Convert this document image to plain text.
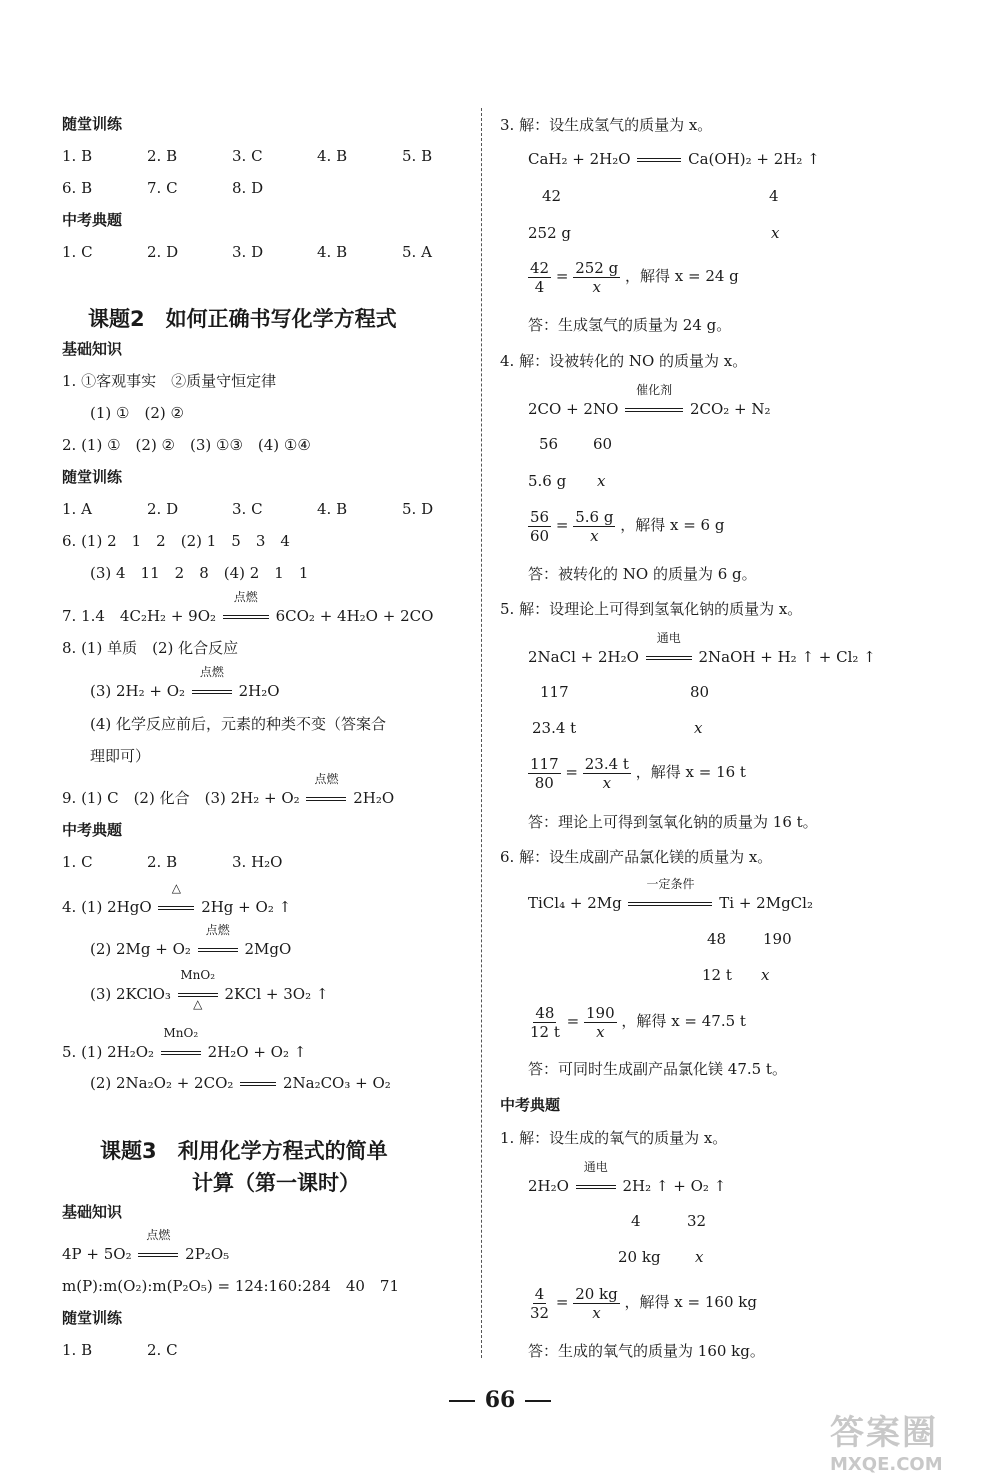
随堂训练
1. B	2. B	3. C	4. B	5. B
6. B	7. C	8. D
中考典题
1. C	2. D	3. D	4. B	5. A
课题2　如何正确书写化学方程式
基础知识
1. ①客观事实　②质量守恒定律
(1) ①　(2) ②
2. (1) ①　(2) ②　(3) ①③　(4) ①④
随堂训练
1. A	2. D	3. C	4. B	5. D
6. (1) 2　1　2　(2) 1　5　3　4
(3) 4　11　2　8　(4) 2　1　1
7. 1.4　4C₂H₂ + 9O₂
点燃
6CO₂ + 4H₂O + 2CO
8. (1) 单质　(2) 化合反应
(3) 2H₂ + O₂
点燃
2H₂O
(4) 化学反应前后，元素的种类不变（答案合
理即可）
9. (1) C　(2) 化合　(3) 2H₂ + O₂
点燃
2H₂O
中考典题
1. C	2. B	3. H₂O
4. (1) 2HgO
△
2Hg + O₂ ↑
(2) 2Mg + O₂
点燃
2MgO
(3) 2KClO₃
MnO₂
△
2KCl + 3O₂ ↑
5. (1) 2H₂O₂
MnO₂
2H₂O + O₂ ↑
(2) 2Na₂O₂ + 2CO₂	2Na₂CO₃ + O₂
课题3　利用化学方程式的简单
计算（第一课时）
基础知识
4P + 5O₂
点燃
2P₂O₅
m(P):m(O₂):m(P₂O₅) = 124:160:284　40　71
随堂训练
1. B	2. C
3. 解：设生成氢气的质量为 x。
CaH₂ + 2H₂O	Ca(OH)₂ + 2H₂ ↑
42	4
252 g	x
$\frac{42}{4} = \frac{252 g}{x}$ ，解得 x = 24 g
答：生成氢气的质量为 24 g。
4. 解：设被转化的 NO 的质量为 x。
2CO + 2NO
催化剂
2CO₂ + N₂
56 60
5.6 g x
$\frac{56}{60} = \frac{5.6 g}{x}$ ，解得 x = 6 g
答：被转化的 NO 的质量为 6 g。
5. 解：设理论上可得到氢氧化钠的质量为 x。
2NaCl + 2H₂O
通电
2NaOH + H₂ ↑ + Cl₂ ↑
117	80
23.4 t	x
$\frac{117}{80} = \frac{23.4 t}{x}$ ，解得 x = 16 t
答：理论上可得到氢氧化钠的质量为 16 t。
6. 解：设生成副产品氯化镁的质量为 x。
TiCl₄ + 2Mg
一定条件
Ti + 2MgCl₂
48 190
12 t x
$\frac{48}{12 t} = \frac{190}{x}$ ，解得 x = 47.5 t
答：可同时生成副产品氯化镁 47.5 t。
中考典题
1. 解：设生成的氧气的质量为 x。
2H₂O
通电
2H₂ ↑ + O₂ ↑
4	32
20 kg x
$\frac{4}{32} = \frac{20 kg}{x}$ ，解得 x = 160 kg
答：生成的氧气的质量为 160 kg。
66
答案圈
MXQE.COM
